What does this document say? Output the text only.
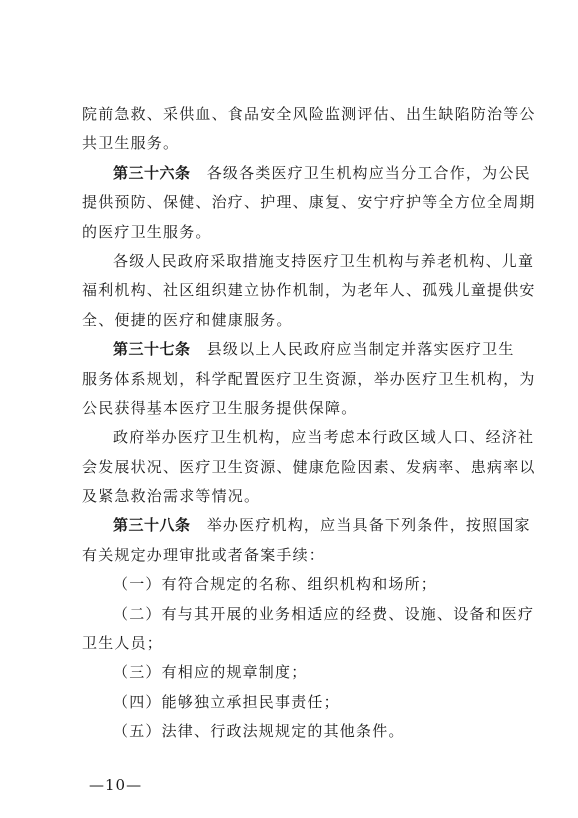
院前急救、采供血、食品安全风险监测评估、出生缺陷防治等公
共卫生服务。
第三十六条　各级各类医疗卫生机构应当分工合作，为公民
提供预防、保健、治疗、护理、康复、安宁疗护等全方位全周期
的医疗卫生服务。
各级人民政府采取措施支持医疗卫生机构与养老机构、儿童
福利机构、社区组织建立协作机制，为老年人、孤残儿童提供安
全、便捷的医疗和健康服务。
第三十七条　县级以上人民政府应当制定并落实医疗卫生
服务体系规划，科学配置医疗卫生资源，举办医疗卫生机构，为
公民获得基本医疗卫生服务提供保障。
政府举办医疗卫生机构，应当考虑本行政区域人口、经济社
会发展状况、医疗卫生资源、健康危险因素、发病率、患病率以
及紧急救治需求等情况。
第三十八条　举办医疗机构，应当具备下列条件，按照国家
有关规定办理审批或者备案手续：
（一）有符合规定的名称、组织机构和场所；
（二）有与其开展的业务相适应的经费、设施、设备和医疗
卫生人员；
（三）有相应的规章制度；
（四）能够独立承担民事责任；
（五）法律、行政法规规定的其他条件。
—10—
